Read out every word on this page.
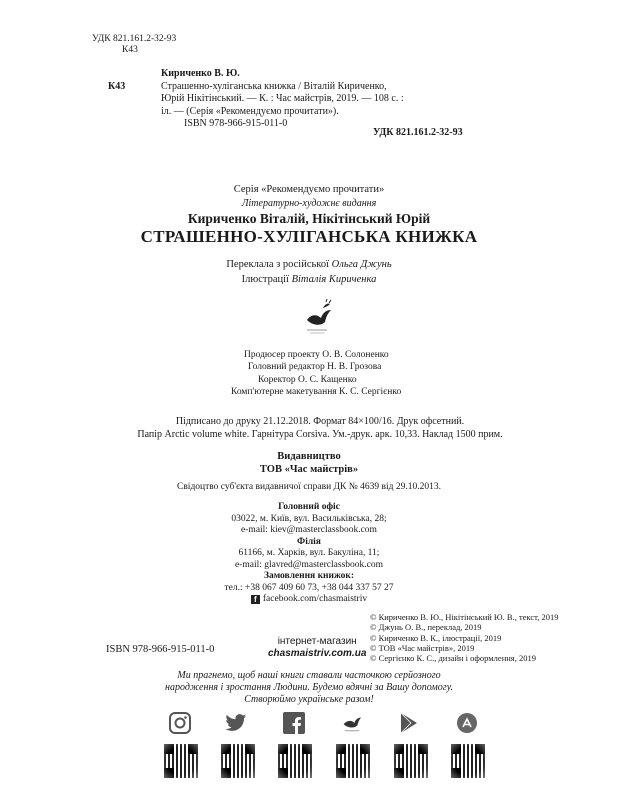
УДК 821.161.2-32-93
К43
Кириченко В. Ю.
К43	Страшенно-хуліганська книжка / Віталій Кириченко,
Юрій Нікітінський. — К. : Час майстрів, 2019. — 108 с. :
іл. — (Серія «Рекомендуємо прочитати»).
ISBN 978-966-915-011-0
УДК 821.161.2-32-93
Серія «Рекомендуємо прочитати»
Літературно-художнє видання
Кириченко Віталій, Нікітінський Юрій
СТРАШЕННО-ХУЛІГАНСЬКА КНИЖКА
Переклала з російської Ольга Джунь
Ілюстрації Віталія Кириченка
Продюсер проекту О. В. Солоненко
Головний редактор Н. В. Грозова
Коректор О. С. Кащенко
Комп'ютерне макетування К. С. Сергієнко
Підписано до друку 21.12.2018. Формат 84×100/16. Друк офсетний.
Папір Arctic volume white. Гарнітура Corsiva. Ум.-друк. арк. 10,33. Наклад 1500 прим.
Видавництво
ТОВ «Час майстрів»
Свідоцтво суб'єкта видавничої справи ДК № 4639 від 29.10.2013.
Головний офіс
03022, м. Київ, вул. Васильківська, 28;
e-mail: kiev@masterclassbook.com
Філія
61166, м. Харків, вул. Бакуліна, 11;
e-mail: glavred@masterclassbook.com
Замовлення книжок:
тел.: +38 067 409 60 73, +38 044 337 57 27
f facebook.com/chasmaistriv
ISBN 978-966-915-011-0
інтернет-магазин
chasmaistriv.com.ua
© Кириченко В. Ю., Нікітінський Ю. В., текст, 2019
© Джунь О. В., переклад, 2019
© Кириченко В. К., ілюстрації, 2019
© ТОВ «Час майстрів», 2019
© Сергієнко К. С., дизайн і оформлення, 2019
Ми прагнемо, щоб наші книги ставали часточкою серйозного
народження і зростання Людини. Будемо вдячні за Вашу допомогу.
Створюймо українське разом!
